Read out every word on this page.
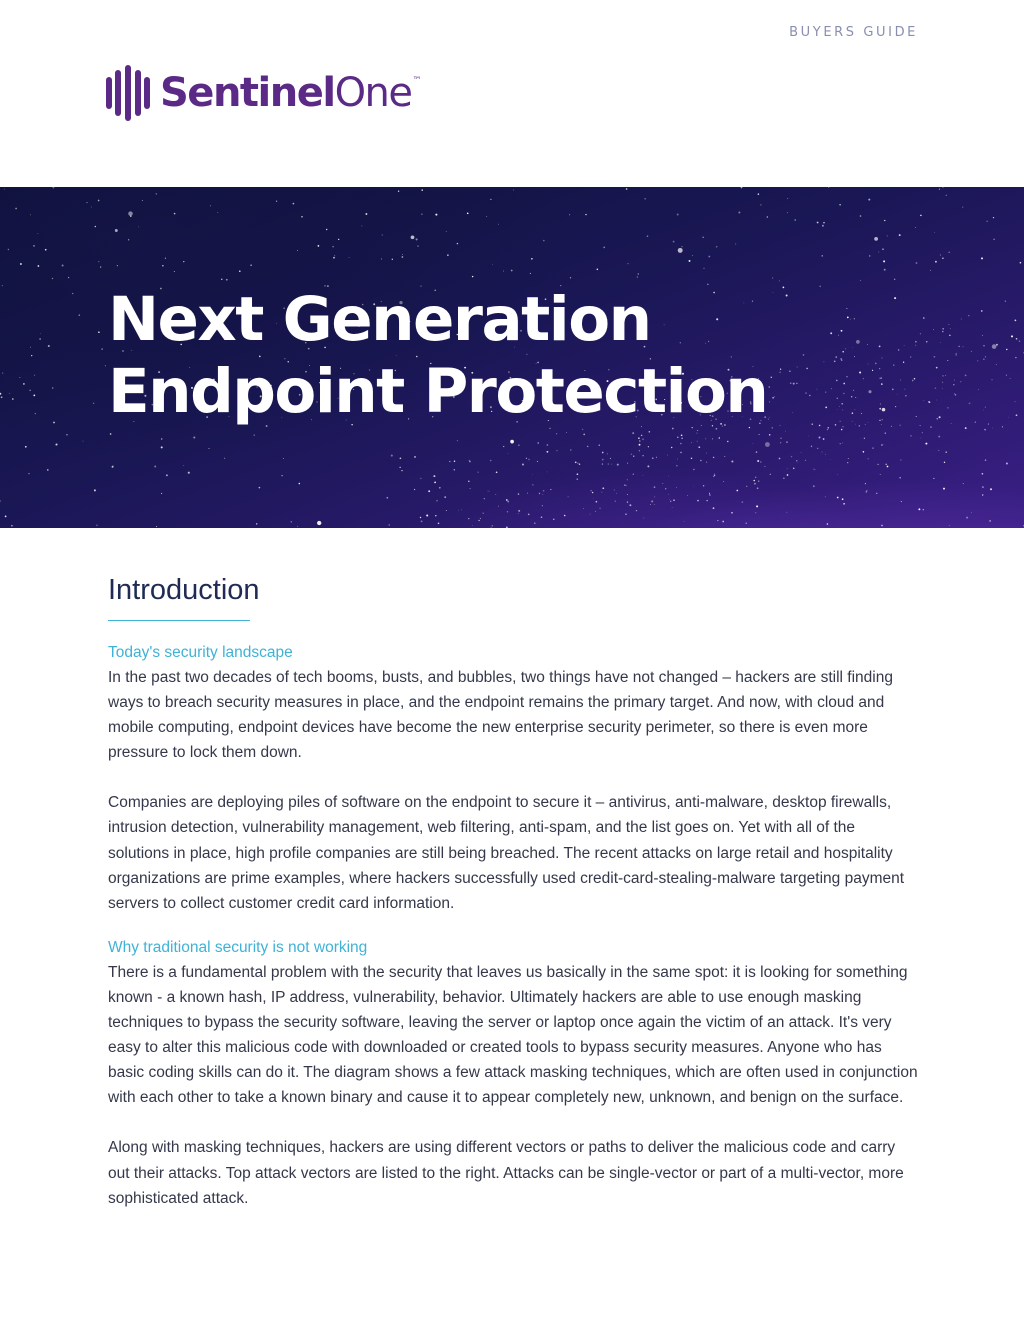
BUYERS GUIDE
SentinelOne™
Next Generation
Endpoint Protection
Introduction
Today's security landscape

In the past two decades of tech booms, busts, and bubbles, two things have not changed – hackers are still finding ways to breach security measures in place, and the endpoint remains the primary target. And now, with cloud and mobile computing, endpoint devices have become the new enterprise security perimeter, so there is even more pressure to lock them down.

Companies are deploying piles of software on the endpoint to secure it – antivirus, anti-malware, desktop firewalls, intrusion detection, vulnerability management, web filtering, anti-spam, and the list goes on. Yet with all of the solutions in place, high profile companies are still being breached. The recent attacks on large retail and hospitality organizations are prime examples, where hackers successfully used credit-card-stealing-malware targeting payment servers to collect customer credit card information.

Why traditional security is not working

There is a fundamental problem with the security that leaves us basically in the same spot: it is looking for something known - a known hash, IP address, vulnerability, behavior. Ultimately hackers are able to use enough masking techniques to bypass the security software, leaving the server or laptop once again the victim of an attack. It's very easy to alter this malicious code with downloaded or created tools to bypass security measures. Anyone who has basic coding skills can do it. The diagram shows a few attack masking techniques, which are often used in conjunction with each other to take a known binary and cause it to appear completely new, unknown, and benign on the surface.

Along with masking techniques, hackers are using different vectors or paths to deliver the malicious code and carry out their attacks. Top attack vectors are listed to the right. Attacks can be single-vector or part of a multi-vector, more sophisticated attack.
